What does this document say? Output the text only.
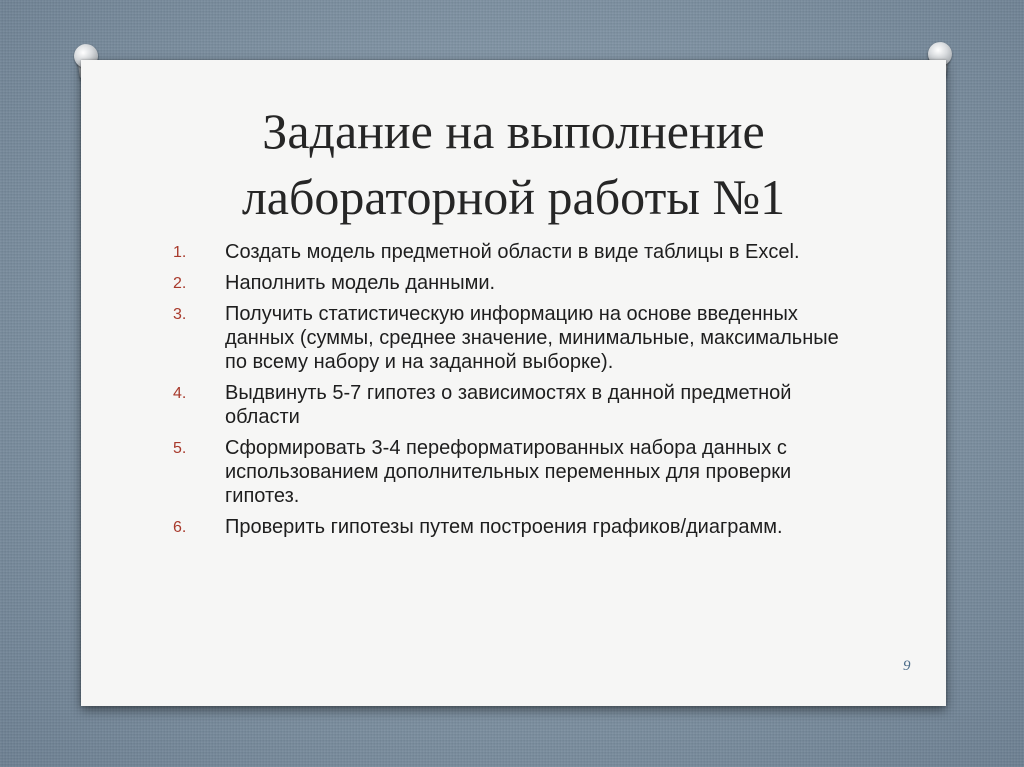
Задание на выполнение
лабораторной работы №1
1. Создать модель предметной области в виде таблицы в Excel.
2. Наполнить модель данными.
3. Получить статистическую информацию на основе введенных данных (суммы, среднее значение, минимальные, максимальные по всему набору и на заданной выборке).
4. Выдвинуть 5-7 гипотез о зависимостях в данной предметной области
5. Сформировать 3-4 переформатированных набора данных с использованием дополнительных переменных для проверки гипотез.
6. Проверить гипотезы путем построения графиков/диаграмм.
9
